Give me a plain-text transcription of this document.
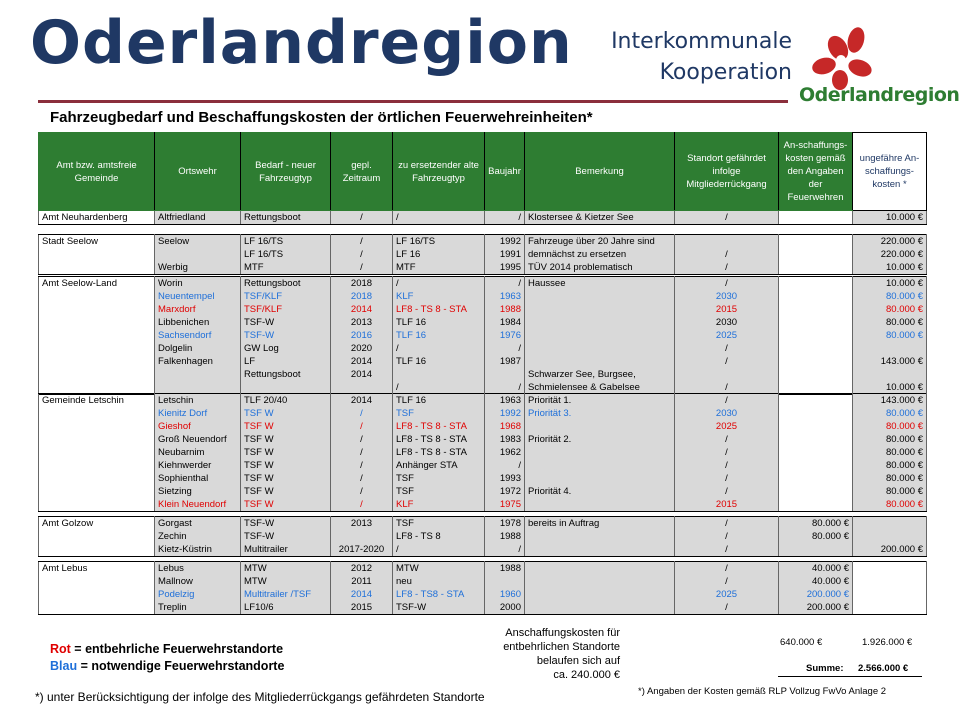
Oderlandregion Interkommunale
Kooperation
Oderlandregion
Fahrzeugbedarf und Beschaffungskosten der örtlichen Feuerwehreinheiten*
Amt bzw. amtsfreie Gemeinde	Ortswehr	Bedarf - neuer Fahrzeugtyp	gepl. Zeitraum	zu ersetzender alte Fahrzeugtyp	Baujahr	Bemerkung	Standort gefährdet infolge Mitgliederrückgang	An-schaffungs-kosten gemäß den Angaben der Feuerwehren	ungefähre An-schaffungs-kosten *
Amt Neuhardenberg	Altfriedland	Rettungsboot	/	/	/	Klostersee & Kietzer See	/		10.000 €
Stadt Seelow	Seelow	LF 16/TS	/	LF 16/TS	1992	Fahrzeuge über 20 Jahre sind			220.000 €
		LF 16/TS	/	LF 16	1991	demnächst zu ersetzen	/		220.000 €
	Werbig	MTF	/	MTF	1995	TÜV 2014 problematisch	/		10.000 €
Amt Seelow-Land	Worin	Rettungsboot	2018	/	/	Haussee	/		10.000 €
	Neuentempel	TSF/KLF	2018	KLF	1963		2030		80.000 €
	Marxdorf	TSF/KLF	2014	LF8 - TS 8 - STA	1988		2015		80.000 €
	Libbenichen	TSF-W	2013	TLF 16	1984		2030		80.000 €
	Sachsendorf	TSF-W	2016	TLF 16	1976		2025		80.000 €
	Dolgelin	GW Log	2020	/	/		/		
	Falkenhagen	LF	2014	TLF 16	1987		/		143.000 €
		Rettungsboot	2014			Schwarzer See, Burgsee,			
				/	/	Schmielensee & Gabelsee	/		10.000 €
Gemeinde Letschin	Letschin	TLF 20/40	2014	TLF 16	1963	Priorität 1.	/		143.000 €
	Kienitz Dorf	TSF W	/	TSF	1992	Priorität 3.	2030		80.000 €
	Gieshof	TSF W	/	LF8 - TS 8 - STA	1968		2025		80.000 €
	Groß Neuendorf	TSF W	/	LF8 - TS 8 - STA	1983	Priorität 2.	/		80.000 €
	Neubarnim	TSF W	/	LF8 - TS 8 - STA	1962		/		80.000 €
	Kiehnwerder	TSF W	/	Anhänger STA	/		/		80.000 €
	Sophienthal	TSF W	/	TSF	1993		/		80.000 €
	Sietzing	TSF W	/	TSF	1972	Priorität 4.	/		80.000 €
	Klein Neuendorf	TSF W	/	KLF	1975		2015		80.000 €
Amt Golzow	Gorgast	TSF-W	2013	TSF	1978	bereits in Auftrag	/	80.000 €	
	Zechin	TSF-W		LF8 - TS 8	1988		/	80.000 €	
	Kietz-Küstrin	Multitrailer	2017-2020	/	/		/		200.000 €
Amt Lebus	Lebus	MTW	2012	MTW	1988		/	40.000 €	
	Mallnow	MTW	2011	neu			/	40.000 €	
	Podelzig	Multitrailer /TSF	2014	LF8 - TS8 - STA	1960		2025	200.000 €	
	Treplin	LF10/6	2015	TSF-W	2000		/	200.000 €	
Rot = entbehrliche Feuerwehrstandorte
Blau = notwendige Feuerwehrstandorte
*) unter Berücksichtigung der infolge des Mitgliederrückgangs gefährdeten Standorte
Anschaffungskosten für
entbehrlichen Standorte
belaufen sich auf
ca. 240.000 €
640.000 €	1.926.000 €
Summe: 2.566.000 €
*) Angaben der Kosten gemäß RLP Vollzug FwVo Anlage 2
